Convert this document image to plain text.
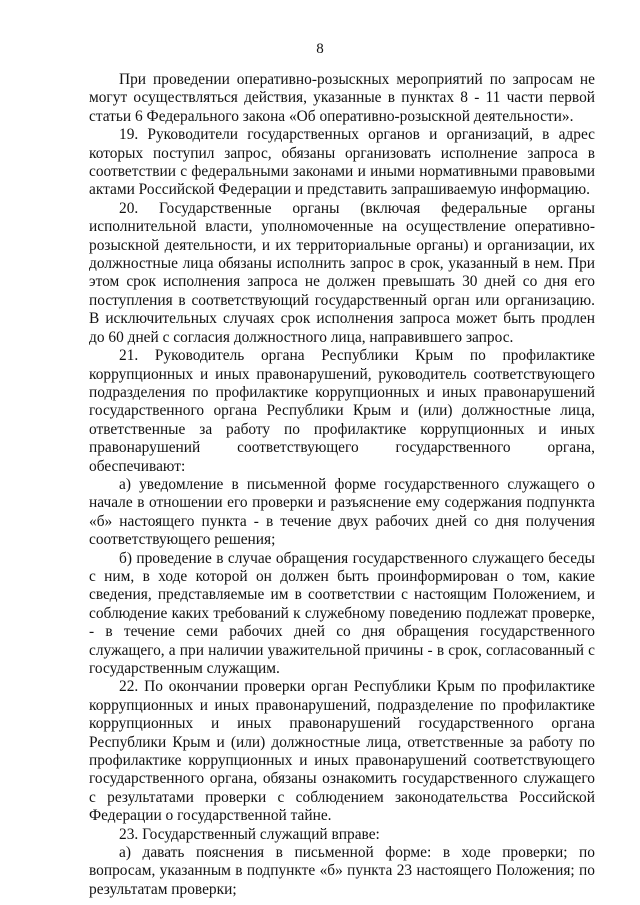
8

При проведении оперативно-розыскных мероприятий по запросам не могут осуществляться действия, указанные в пунктах 8 - 11 части первой статьи 6 Федерального закона «Об оперативно-розыскной деятельности».

19. Руководители государственных органов и организаций, в адрес которых поступил запрос, обязаны организовать исполнение запроса в соответствии с федеральными законами и иными нормативными правовыми актами Российской Федерации и представить запрашиваемую информацию.

20. Государственные органы (включая федеральные органы исполнительной власти, уполномоченные на осуществление оперативно-розыскной деятельности, и их территориальные органы) и организации, их должностные лица обязаны исполнить запрос в срок, указанный в нем. При этом срок исполнения запроса не должен превышать 30 дней со дня его поступления в соответствующий государственный орган или организацию. В исключительных случаях срок исполнения запроса может быть продлен до 60 дней с согласия должностного лица, направившего запрос.

21. Руководитель органа Республики Крым по профилактике коррупционных и иных правонарушений, руководитель соответствующего подразделения по профилактике коррупционных и иных правонарушений государственного органа Республики Крым и (или) должностные лица, ответственные за работу по профилактике коррупционных и иных правонарушений соответствующего государственного органа, обеспечивают:

а) уведомление в письменной форме государственного служащего о начале в отношении его проверки и разъяснение ему содержания подпункта «б» настоящего пункта - в течение двух рабочих дней со дня получения соответствующего решения;

б) проведение в случае обращения государственного служащего беседы с ним, в ходе которой он должен быть проинформирован о том, какие сведения, представляемые им в соответствии с настоящим Положением, и соблюдение каких требований к служебному поведению подлежат проверке, - в течение семи рабочих дней со дня обращения государственного служащего, а при наличии уважительной причины - в срок, согласованный с государственным служащим.

22. По окончании проверки орган Республики Крым по профилактике коррупционных и иных правонарушений, подразделение по профилактике коррупционных и иных правонарушений государственного органа Республики Крым и (или) должностные лица, ответственные за работу по профилактике коррупционных и иных правонарушений соответствующего государственного органа, обязаны ознакомить государственного служащего с результатами проверки с соблюдением законодательства Российской Федерации о государственной тайне.

23. Государственный служащий вправе:

а) давать пояснения в письменной форме: в ходе проверки; по вопросам, указанным в подпункте «б» пункта 23 настоящего Положения; по результатам проверки;
